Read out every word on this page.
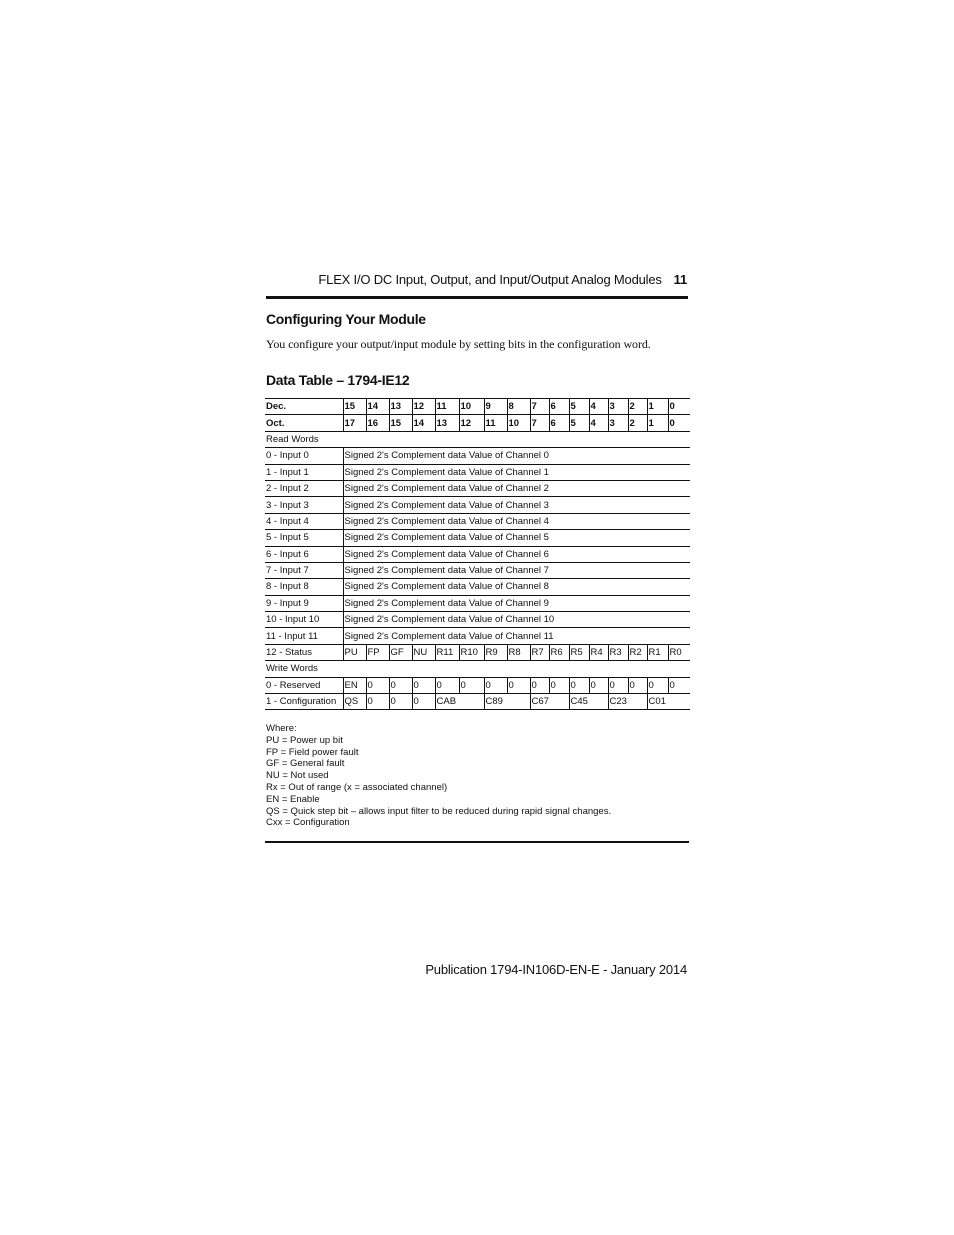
FLEX I/O DC Input, Output, and Input/Output Analog Modules 11
Configuring Your Module
You configure your output/input module by setting bits in the configuration word.
Data Table – 1794-IE12
Dec.	15	14	13	12	11	10	9	8	7	6	5	4	3	2	1	0
Oct.	17	16	15	14	13	12	11	10	7	6	5	4	3	2	1	0
Read Words																
0 - Input 0	Signed 2's Complement data Value of Channel 0															
1 - Input 1	Signed 2's Complement data Value of Channel 1															
2 - Input 2	Signed 2's Complement data Value of Channel 2															
3 - Input 3	Signed 2's Complement data Value of Channel 3															
4 - Input 4	Signed 2's Complement data Value of Channel 4															
5 - Input 5	Signed 2's Complement data Value of Channel 5															
6 - Input 6	Signed 2's Complement data Value of Channel 6															
7 - Input 7	Signed 2's Complement data Value of Channel 7															
8 - Input 8	Signed 2's Complement data Value of Channel 8															
9 - Input 9	Signed 2's Complement data Value of Channel 9															
10 - Input 10	Signed 2's Complement data Value of Channel 10															
11 - Input 11	Signed 2's Complement data Value of Channel 11															
12 - Status	PU	FP	GF	NU	R11	R10	R9	R8	R7	R6	R5	R4	R3	R2	R1	R0
Write Words																
0 - Reserved	EN	0	0	0	0	0	0	0	0	0	0	0	0	0	0	0
1 - Configuration	QS	0	0	0	CAB		C89		C67		C45		C23		C01	
Where:
PU = Power up bit
FP = Field power fault
GF = General fault
NU = Not used
Rx = Out of range (x = associated channel)
EN = Enable
QS = Quick step bit – allows input filter to be reduced during rapid signal changes.
Cxx = Configuration
Publication 1794-IN106D-EN-E - January 2014
